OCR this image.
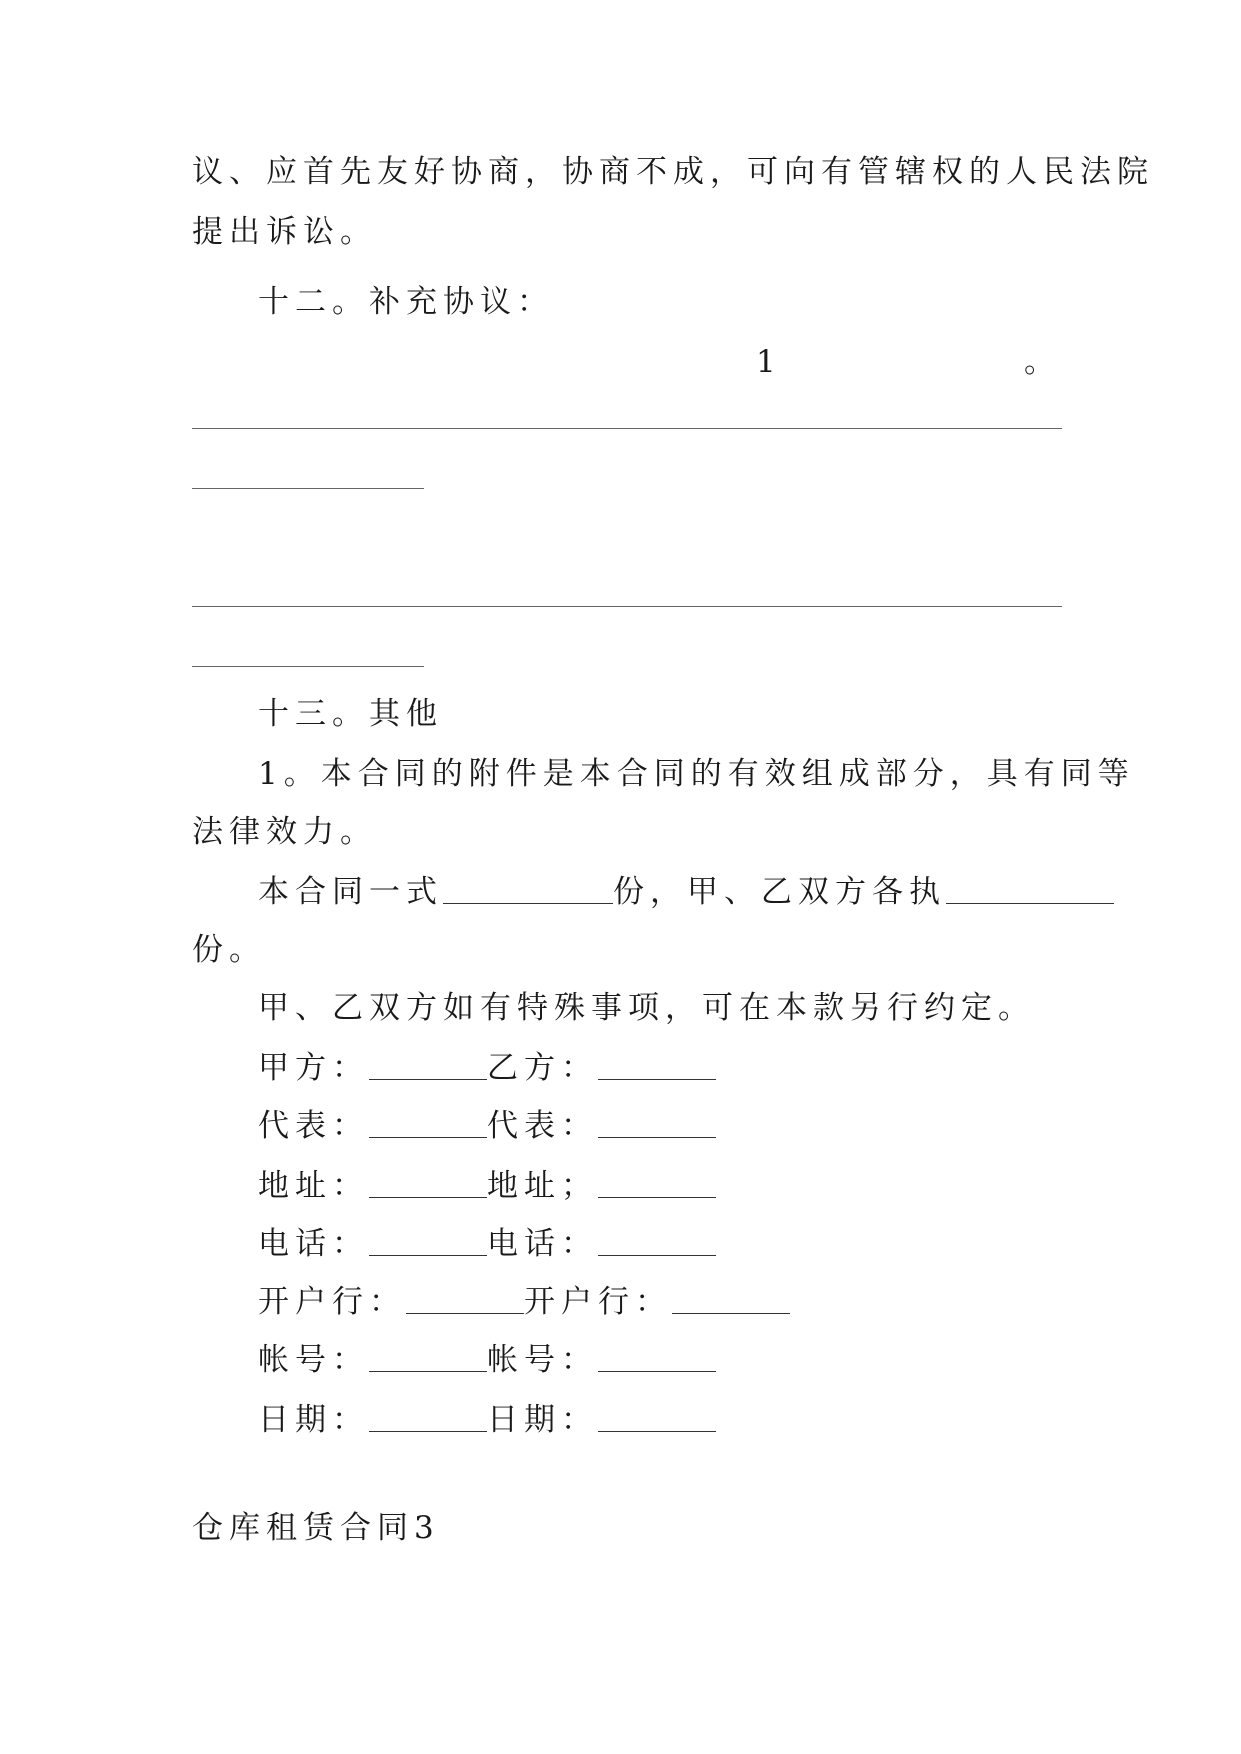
议、应首先友好协商，协商不成，可向有管辖权的人民法院
提出诉讼。
十二。补充协议：
1	。
十三。其他
1。本合同的附件是本合同的有效组成部分，具有同等
法律效力。
本合同一式	份，甲、乙双方各执
份。
甲、乙双方如有特殊事项，可在本款另行约定。
甲方：	乙方：
代表：	代表：
地址：	地址；
电话：	电话：
开户行：	开户行：
帐号：	帐号：
日期：	日期：
仓库租赁合同3
